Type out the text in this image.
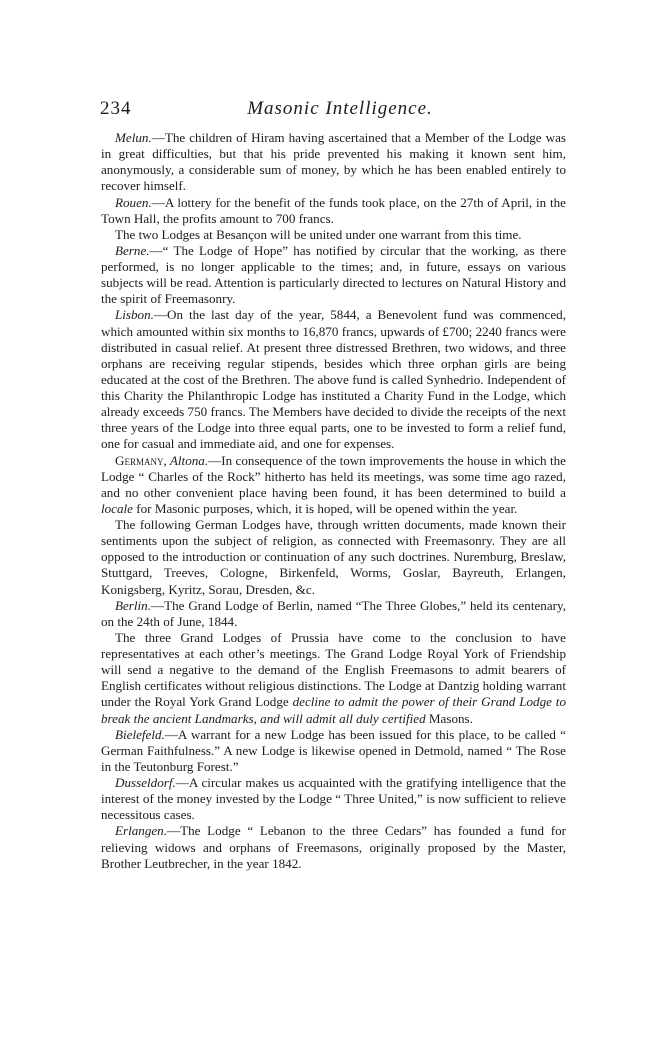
234	Masonic Intelligence.

Melun.—The children of Hiram having ascertained that a Member of the Lodge was in great difficulties, but that his pride prevented his making it known sent him, anonymously, a considerable sum of money, by which he has been enabled entirely to recover himself.

Rouen.—A lottery for the benefit of the funds took place, on the 27th of April, in the Town Hall, the profits amount to 700 francs.

The two Lodges at Besançon will be united under one warrant from this time.

Berne.—“ The Lodge of Hope” has notified by circular that the working, as there performed, is no longer applicable to the times; and, in future, essays on various subjects will be read. Attention is particularly directed to lectures on Natural History and the spirit of Freemasonry.

Lisbon.—On the last day of the year, 5844, a Benevolent fund was commenced, which amounted within six months to 16,870 francs, upwards of £700; 2240 francs were distributed in casual relief. At present three distressed Brethren, two widows, and three orphans are receiving regular stipends, besides which three orphan girls are being educated at the cost of the Brethren. The above fund is called Synhedrio. Independent of this Charity the Philanthropic Lodge has instituted a Charity Fund in the Lodge, which already exceeds 750 francs. The Members have decided to divide the receipts of the next three years of the Lodge into three equal parts, one to be invested to form a relief fund, one for casual and immediate aid, and one for expenses.

Germany, Altona.—In consequence of the town improvements the house in which the Lodge “ Charles of the Rock” hitherto has held its meetings, was some time ago razed, and no other convenient place having been found, it has been determined to build a locale for Masonic purposes, which, it is hoped, will be opened within the year.

The following German Lodges have, through written documents, made known their sentiments upon the subject of religion, as connected with Freemasonry. They are all opposed to the introduction or continuation of any such doctrines. Nuremburg, Breslaw, Stuttgard, Treeves, Cologne, Birkenfeld, Worms, Goslar, Bayreuth, Erlangen, Konigsberg, Kyritz, Sorau, Dresden, &c.

Berlin.—The Grand Lodge of Berlin, named “The Three Globes,” held its centenary, on the 24th of June, 1844.

The three Grand Lodges of Prussia have come to the conclusion to have representatives at each other’s meetings. The Grand Lodge Royal York of Friendship will send a negative to the demand of the English Freemasons to admit bearers of English certificates without religious distinctions. The Lodge at Dantzig holding warrant under the Royal York Grand Lodge decline to admit the power of their Grand Lodge to break the ancient Landmarks, and will admit all duly certified Masons.

Bielefeld.—A warrant for a new Lodge has been issued for this place, to be called “ German Faithfulness.” A new Lodge is likewise opened in Detmold, named “ The Rose in the Teutonburg Forest.”

Dusseldorf.—A circular makes us acquainted with the gratifying intelligence that the interest of the money invested by the Lodge “ Three United,” is now sufficient to relieve necessitous cases.

Erlangen.—The Lodge “ Lebanon to the three Cedars” has founded a fund for relieving widows and orphans of Freemasons, originally proposed by the Master, Brother Leutbrecher, in the year 1842.
